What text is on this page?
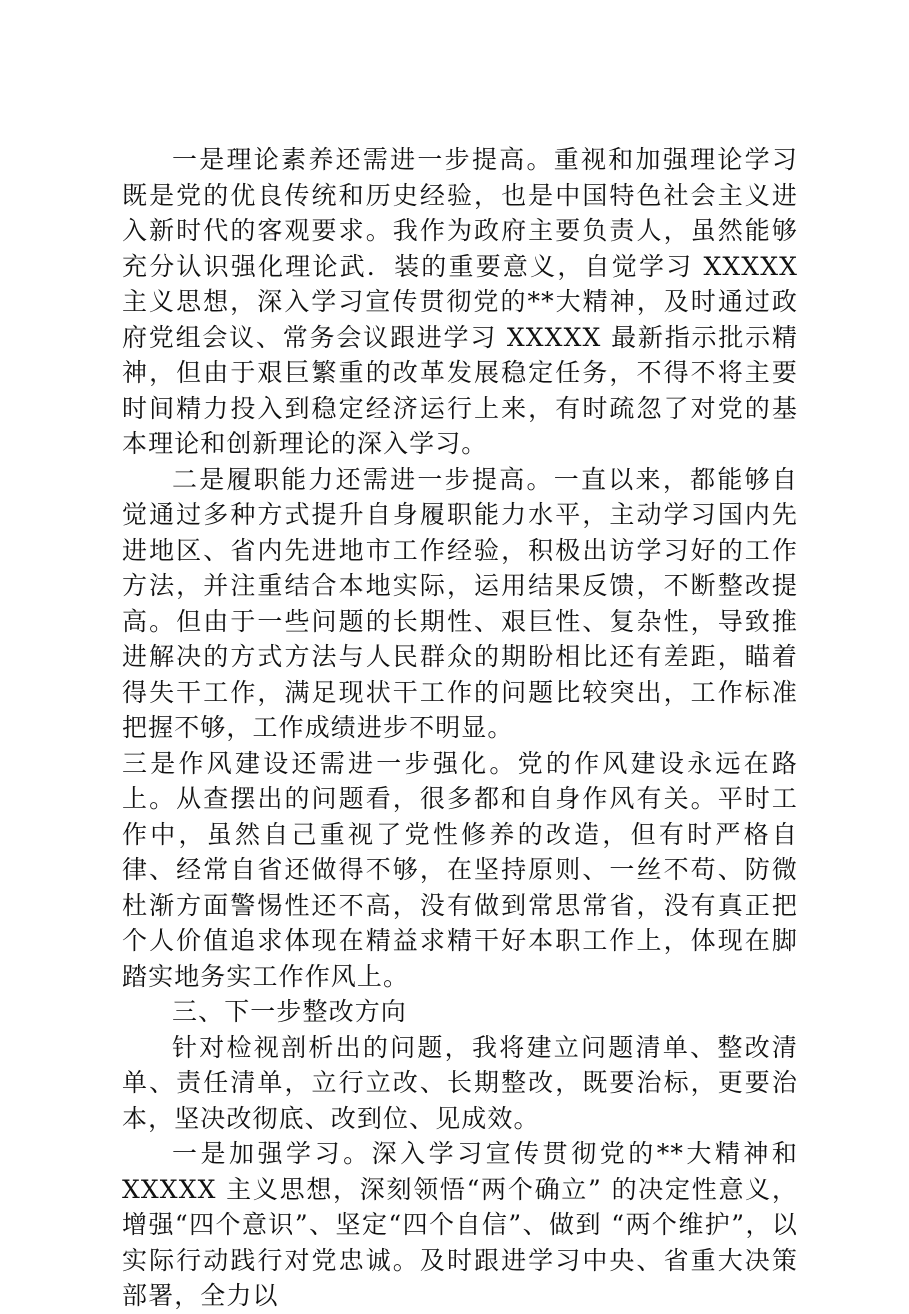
一是理论素养还需进一步提高。重视和加强理论学习既是党的优良传统和历史经验，也是中国特色社会主义进入新时代的客观要求。我作为政府主要负责人，虽然能够充分认识强化理论武．装的重要意义，自觉学习 XXXXX 主义思想，深入学习宣传贯彻党的**大精神，及时通过政府党组会议、常务会议跟进学习 XXXXX 最新指示批示精神，但由于艰巨繁重的改革发展稳定任务，不得不将主要时间精力投入到稳定经济运行上来，有时疏忽了对党的基本理论和创新理论的深入学习。

二是履职能力还需进一步提高。一直以来，都能够自觉通过多种方式提升自身履职能力水平，主动学习国内先进地区、省内先进地市工作经验，积极出访学习好的工作方法，并注重结合本地实际，运用结果反馈，不断整改提高。但由于一些问题的长期性、艰巨性、复杂性，导致推进解决的方式方法与人民群众的期盼相比还有差距，瞄着得失干工作，满足现状干工作的问题比较突出，工作标准把握不够，工作成绩进步不明显。

三是作风建设还需进一步强化。党的作风建设永远在路上。从查摆出的问题看，很多都和自身作风有关。平时工作中，虽然自己重视了党性修养的改造，但有时严格自律、经常自省还做得不够，在坚持原则、一丝不苟、防微杜渐方面警惕性还不高，没有做到常思常省，没有真正把个人价值追求体现在精益求精干好本职工作上，体现在脚踏实地务实工作作风上。

三、下一步整改方向

针对检视剖析出的问题，我将建立问题清单、整改清单、责任清单，立行立改、长期整改，既要治标，更要治本，坚决改彻底、改到位、见成效。

一是加强学习。深入学习宣传贯彻党的**大精神和 XXXXX 主义思想，深刻领悟“两个确立” 的决定性意义，增强“四个意识”、坚定“四个自信”、做到 “两个维护”，以实际行动践行对党忠诚。及时跟进学习中央、省重大决策部署，全力以
